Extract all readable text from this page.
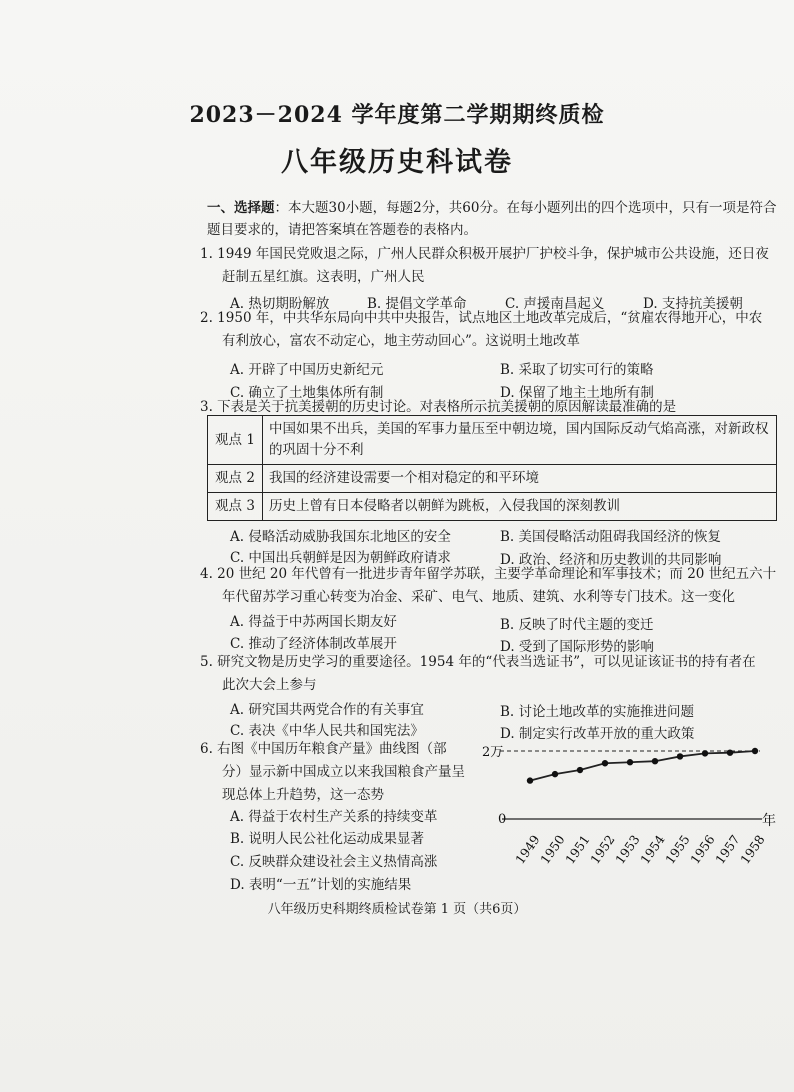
2023－2024 学年度第二学期期终质检
八年级历史科试卷
一、选择题：本大题30小题，每题2分，共60分。在每小题列出的四个选项中，只有一项是符合题目要求的，请把答案填在答题卷的表格内。
1. 1949 年国民党败退之际，广州人民群众积极开展护厂护校斗争，保护城市公共设施，还日夜
赶制五星红旗。这表明，广州人民
A. 热切期盼解放	B. 提倡文学革命	C. 声援南昌起义	D. 支持抗美援朝
2. 1950 年，中共华东局向中共中央报告，试点地区土地改革完成后，“贫雇农得地开心，中农
有利放心，富农不动定心，地主劳动回心”。这说明土地改革
A. 开辟了中国历史新纪元	B. 采取了切实可行的策略
C. 确立了土地集体所有制	D. 保留了地主土地所有制
3. 下表是关于抗美援朝的历史讨论。对表格所示抗美援朝的原因解读最准确的是
观点 1	中国如果不出兵，美国的军事力量压至中朝边境，国内国际反动气焰高涨，对新政权的巩固十分不利
观点 2	我国的经济建设需要一个相对稳定的和平环境
观点 3	历史上曾有日本侵略者以朝鲜为跳板，入侵我国的深刻教训
A. 侵略活动威胁我国东北地区的安全	B. 美国侵略活动阻碍我国经济的恢复
C. 中国出兵朝鲜是因为朝鲜政府请求	D. 政治、经济和历史教训的共同影响
4. 20 世纪 20 年代曾有一批进步青年留学苏联，主要学革命理论和军事技术；而 20 世纪五六十
年代留苏学习重心转变为冶金、采矿、电气、地质、建筑、水利等专门技术。这一变化
A. 得益于中苏两国长期友好	B. 反映了时代主题的变迁
C. 推动了经济体制改革展开	D. 受到了国际形势的影响
5. 研究文物是历史学习的重要途径。1954 年的“代表当选证书”，可以见证该证书的持有者在
此次大会上参与
A. 研究国共两党合作的有关事宜	B. 讨论土地改革的实施推进问题
C. 表决《中华人民共和国宪法》	D. 制定实行改革开放的重大政策
6. 右图《中国历年粮食产量》曲线图（部
分）显示新中国成立以来我国粮食产量呈
现总体上升趋势，这一态势
A. 得益于农村生产关系的持续变革
B. 说明人民公社化运动成果显著
C. 反映群众建设社会主义热情高涨
D. 表明“一五”计划的实施结果
2万
0
1949
1950
1951
1952
1953
1954
1955
1956
1957
1958
年
八年级历史科期终质检试卷第 1 页（共6页）
